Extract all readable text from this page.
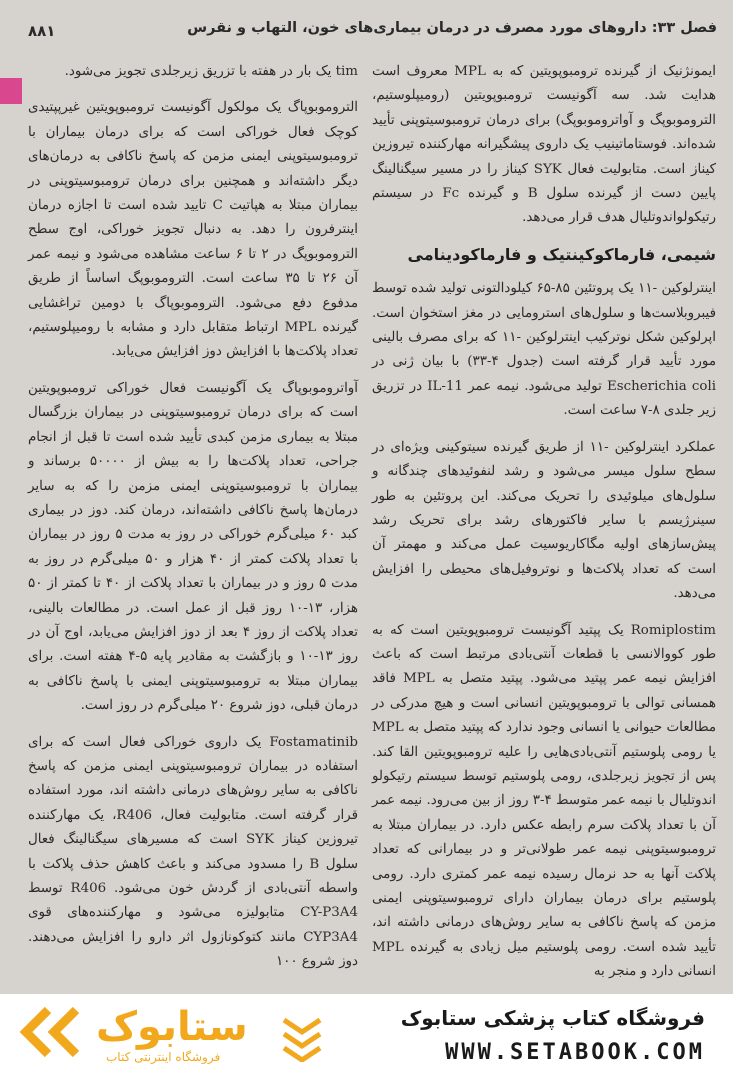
فصل ۳۳: داروهای مورد مصرف در درمان بیماری‌های خون، التهاب و نقرس
۸۸۱

ایمونژنیک از گیرنده ترومبوپویتین که به MPL معروف است هدایت شد. سه آگونیست ترومبوپویتین (رومیپلوستیم، التروموبوپگ و آواتروموبوپگ) برای درمان ترومبوسیتوپنی تأیید شده‌اند. فوستاماتینیب یک داروی پیشگیرانه مهارکننده تیروزین کیناز است. متابولیت فعال SYK کیناز را در مسیر سیگنالینگ پایین دست از گیرنده سلول B و گیرنده Fc در سیستم رتیکولواندوتلیال هدف قرار می‌دهد.

شیمی، فارماکوکینتیک و فارماکودینامی

اینترلوکین -۱۱ یک پروتئین ۸۵-۶۵ کیلودالتونی تولید شده توسط فیبروبلاست‌ها و سلول‌های استرومایی در مغز استخوان است. اپرلوکین شکل نوترکیب اینترلوکین -۱۱ که برای مصرف بالینی مورد تأیید قرار گرفته است (جدول ۴-۳۳) با بیان ژنی در Escherichia coli تولید می‌شود. نیمه عمر IL-11 در تزریق زیر جلدی ۸-۷ ساعت است.

عملکرد اینترلوکین -۱۱ از طریق گیرنده سیتوکینی ویژه‌ای در سطح سلول میسر می‌شود و رشد لنفوئیدهای چندگانه و سلول‌های میلوئیدی را تحریک می‌کند. این پروتئین به طور سینرژیسم با سایر فاکتورهای رشد برای تحریک رشد پیش‌سازهای اولیه مگاکاریوسیت عمل می‌کند و مهمتر آن است که تعداد پلاکت‌ها و نوتروفیل‌های محیطی را افزایش می‌دهد.

Romiplostim یک پپتید آگونیست ترومبوپویتین است که به طور کووالانسی با قطعات آنتی‌بادی مرتبط است که باعث افزایش نیمه عمر پپتید می‌شود. پپتید متصل به MPL فاقد همسانی توالی با ترومبوپویتین انسانی است و هیچ مدرکی در مطالعات حیوانی یا انسانی وجود ندارد که پپتید متصل به MPL یا رومی پلوستیم آنتی‌بادی‌هایی را علیه ترومبوپویتین القا کند. پس از تجویز زیرجلدی، رومی پلوستیم توسط سیستم رتیکولو اندوتلیال با نیمه عمر متوسط ۴-۳ روز از بین می‌رود. نیمه عمر آن با تعداد پلاکت سرم رابطه عکس دارد. در بیماران مبتلا به ترومبوسیتوپنی نیمه عمر طولانی‌تر و در بیمارانی که تعداد پلاکت آنها به حد نرمال رسیده نیمه عمر کمتری دارد. رومی پلوستیم برای درمان بیماران دارای ترومبوسیتوپنی ایمنی مزمن که پاسخ ناکافی به سایر روش‌های درمانی داشته اند، تأیید شده است. رومی پلوستیم میل زیادی به گیرنده MPL انسانی دارد و منجر به

tim یک بار در هفته با تزریق زیرجلدی تجویز می‌شود.

التروموبوپاگ یک مولکول آگونیست ترومبوپویتین غیرپپتیدی کوچک فعال خوراکی است که برای درمان بیماران با ترومبوسیتوپنی ایمنی مزمن که پاسخ ناکافی به درمان‌های دیگر داشته‌اند و همچنین برای درمان ترومبوسیتوپنی در بیماران مبتلا به هپاتیت C تایید شده است تا اجازه درمان اینترفرون را دهد. به دنبال تجویز خوراکی، اوج سطح التروموبوپگ در ۲ تا ۶ ساعت مشاهده می‌شود و نیمه عمر آن ۲۶ تا ۳۵ ساعت است. التروموبوپگ اساساً از طریق مدفوع دفع می‌شود. التروموبوپاگ با دومین تراغشایی گیرنده MPL ارتباط متقابل دارد و مشابه با رومیپلوستیم، تعداد پلاکت‌ها با افزایش دوز افزایش می‌یابد.

آواتروموبوپاگ یک آگونیست فعال خوراکی ترومبوپویتین است که برای درمان ترومبوسیتوپنی در بیماران بزرگسال مبتلا به بیماری مزمن کبدی تأیید شده است تا قبل از انجام جراحی، تعداد پلاکت‌ها را به بیش از ۵۰۰۰۰ برساند و بیماران با ترومبوسیتوپنی ایمنی مزمن را که به سایر درمان‌ها پاسخ ناکافی داشته‌اند، درمان کند. دوز در بیماری کبد ۶۰ میلی‌گرم خوراکی در روز به مدت ۵ روز در بیماران با تعداد پلاکت کمتر از ۴۰ هزار و ۵۰ میلی‌گرم در روز به مدت ۵ روز و در بیماران با تعداد پلاکت از ۴۰ تا کمتر از ۵۰ هزار، ۱۳-۱۰ روز قبل از عمل است. در مطالعات بالینی، تعداد پلاکت از روز ۴ بعد از دوز افزایش می‌یابد، اوج آن در روز ۱۳-۱۰ و بازگشت به مقادیر پایه ۵-۴ هفته است. برای بیماران مبتلا به ترومبوسیتوپنی ایمنی با پاسخ ناکافی به درمان قبلی، دوز شروع ۲۰ میلی‌گرم در روز است.

Fostamatinib یک داروی خوراکی فعال است که برای استفاده در بیماران ترومبوسیتوپنی ایمنی مزمن که پاسخ ناکافی به سایر روش‌های درمانی داشته اند، مورد استفاده قرار گرفته است. متابولیت فعال، R406، یک مهارکننده تیروزین کیناز SYK است که مسیرهای سیگنالینگ فعال سلول B را مسدود می‌کند و باعث کاهش حذف پلاکت با واسطه آنتی‌بادی از گردش خون می‌شود. R406 توسط CY-P3A4 متابولیزه می‌شود و مهارکننده‌های قوی CYP3A4 مانند کتوکونازول اثر دارو را افزایش می‌دهند. دوز شروع ۱۰۰

ستابوک
فروشگاه اینترنتی کتاب
فروشگاه کتاب پزشکی ستابوک
WWW.SETABOOK.COM
